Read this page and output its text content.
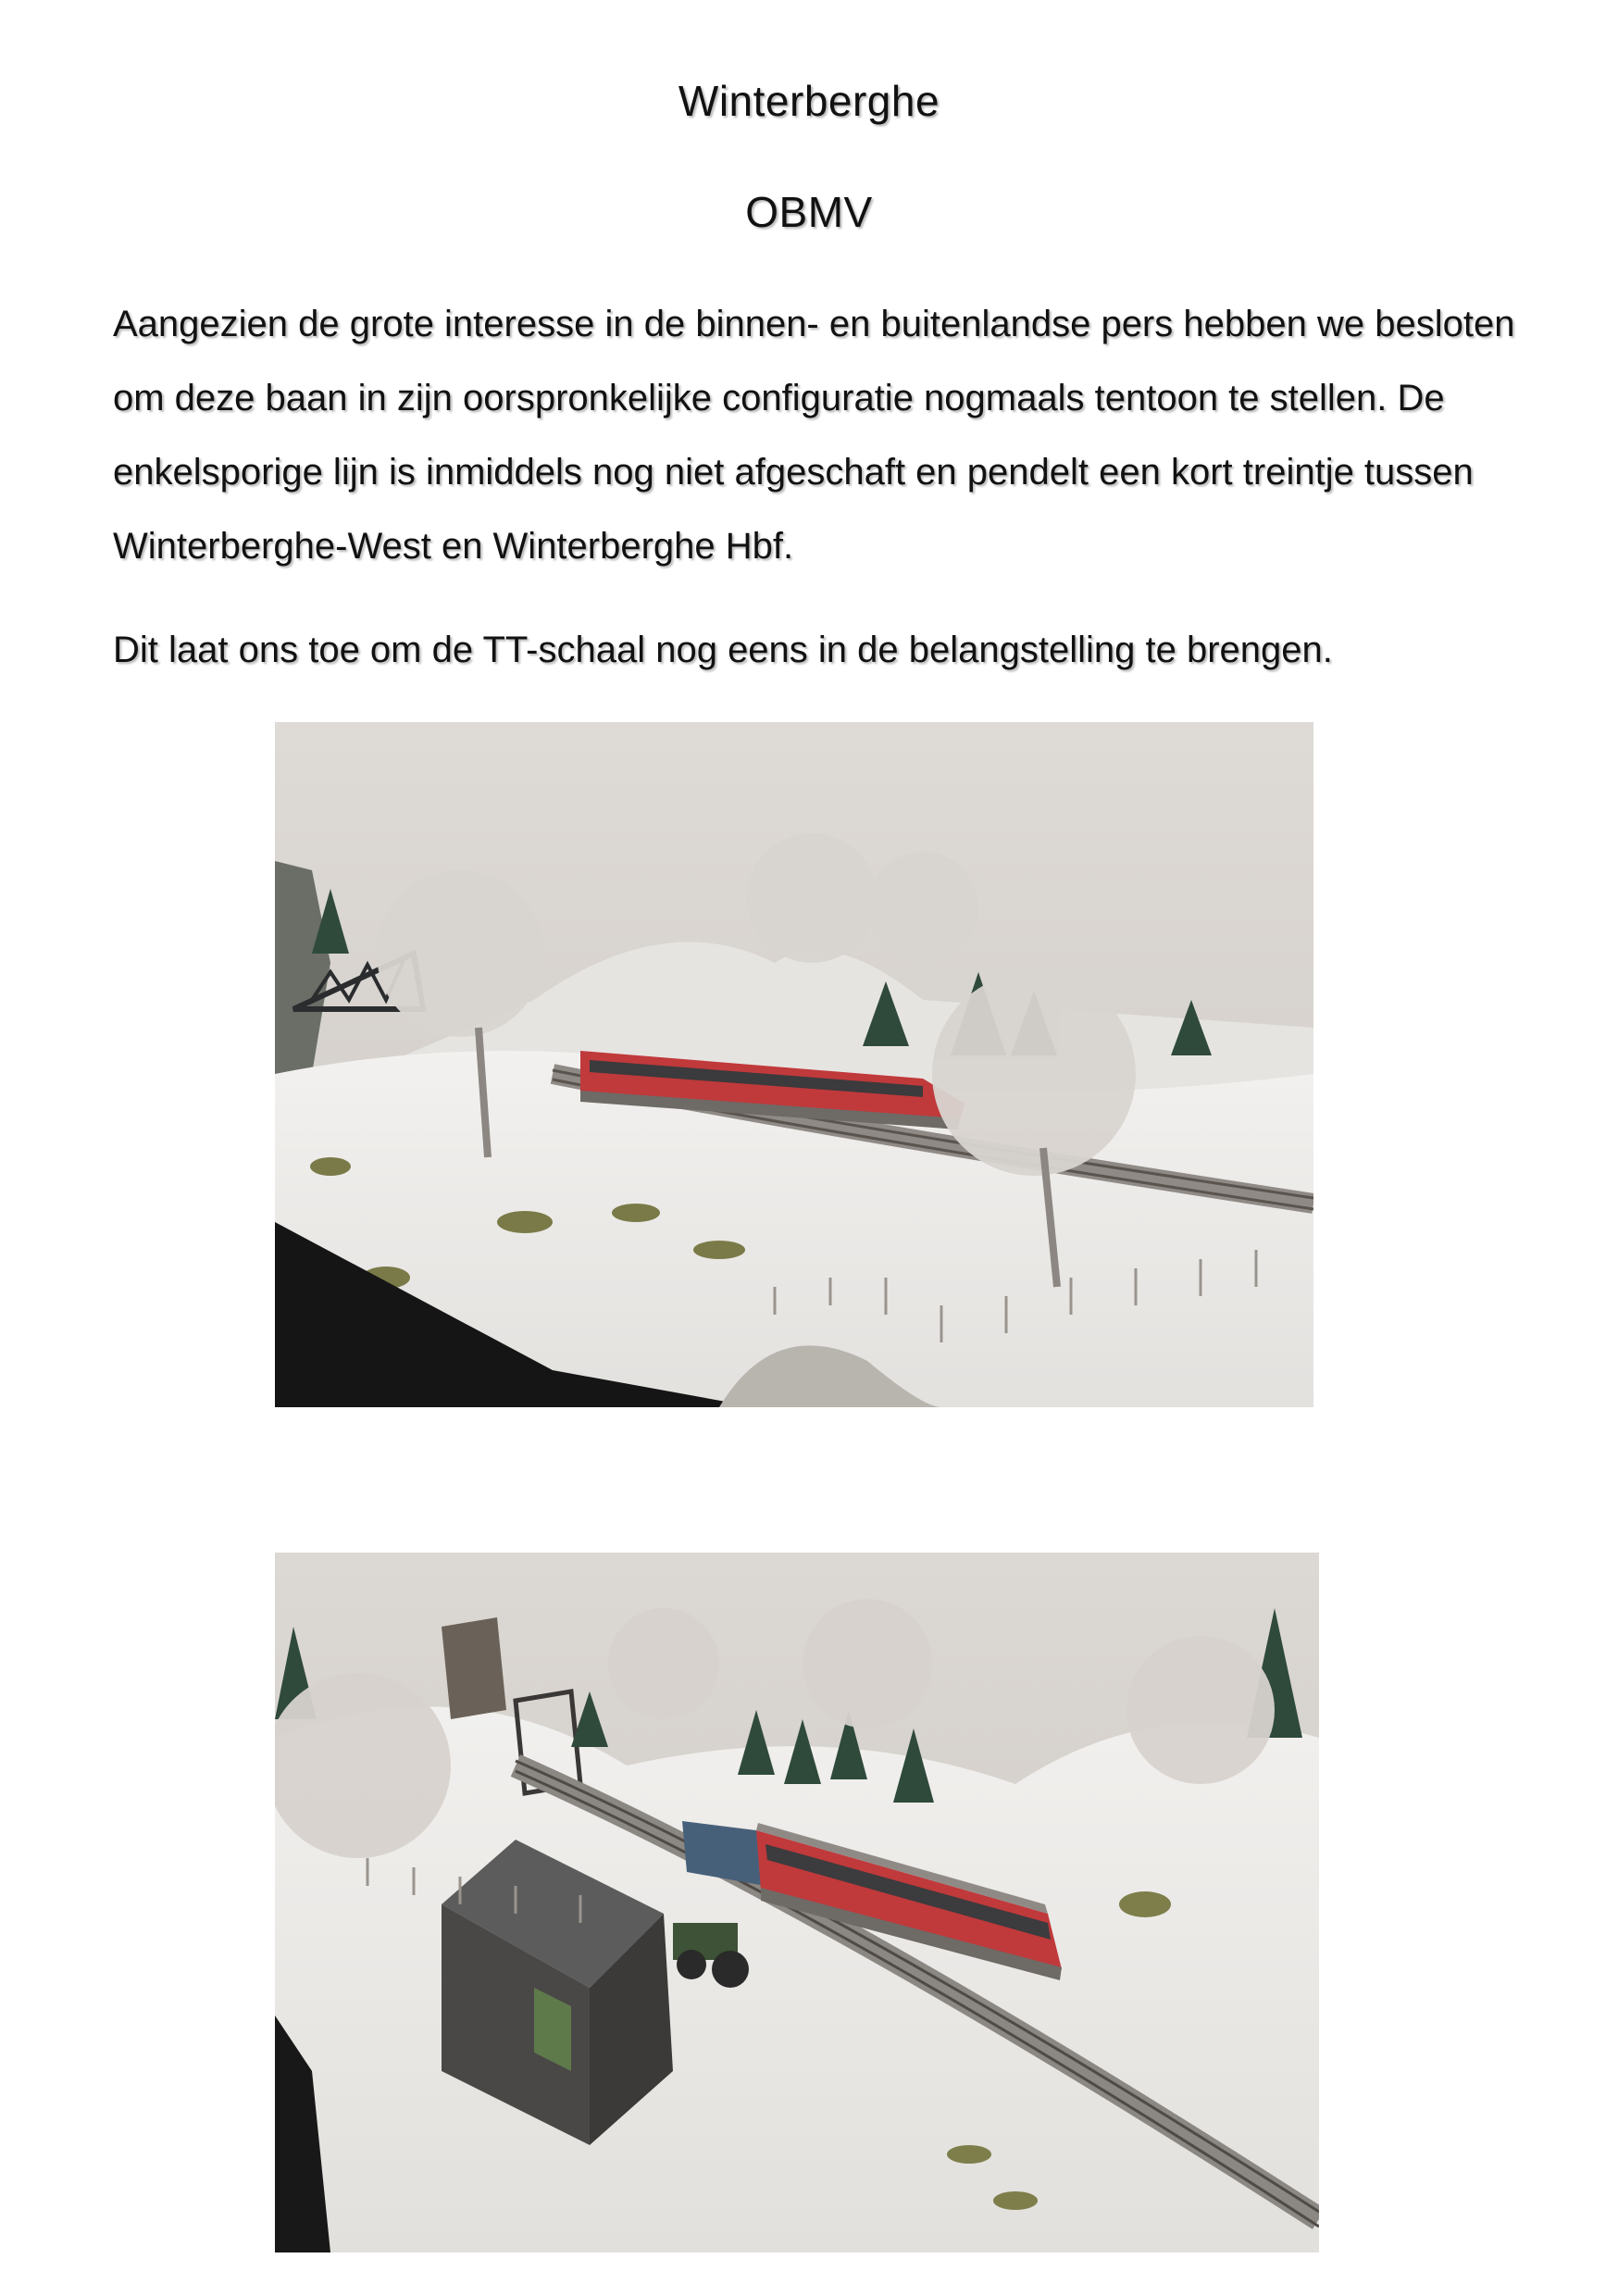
Winterberghe
OBMV

Aangezien de grote interesse in de binnen- en buitenlandse pers hebben we besloten om deze baan in zijn oorspronkelijke configuratie nogmaals tentoon te stellen. De enkelsporige lijn is inmiddels nog niet afgeschaft en pendelt een kort treintje tussen Winterberghe-West en Winterberghe Hbf.

Dit laat ons toe om de TT-schaal nog eens in de belangstelling te brengen.
